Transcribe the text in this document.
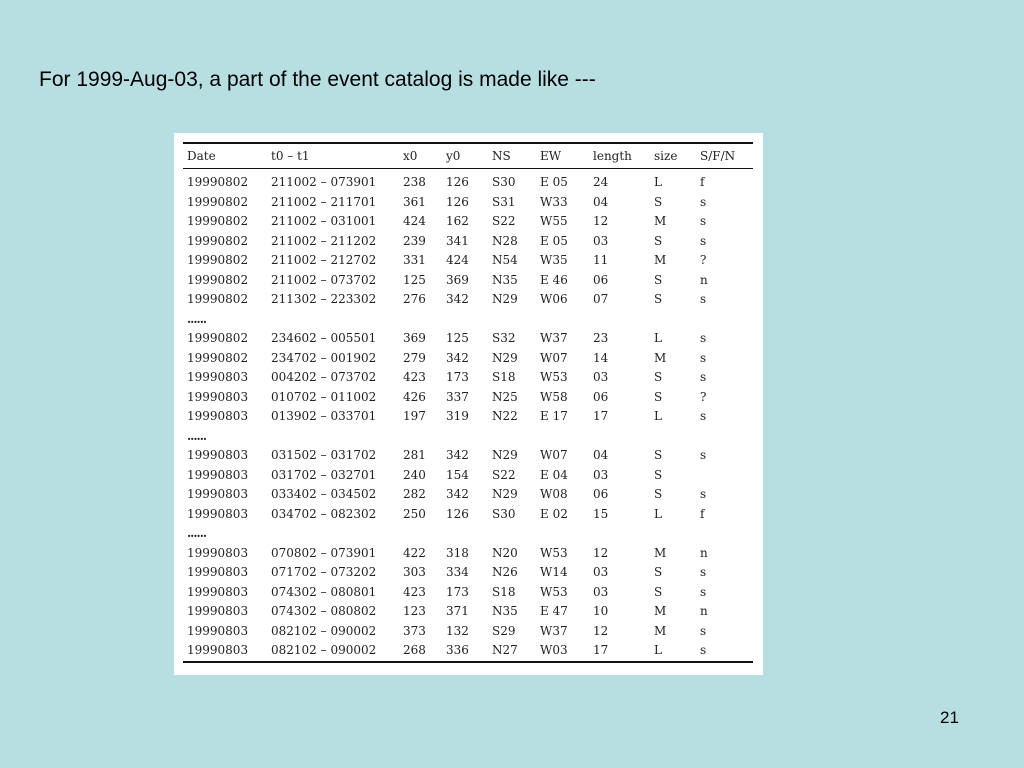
For 1999-Aug-03, a part of the event catalog is made like ---
Date	t0 – t1	x0	y0	NS	EW	length	size	S/F/N
19990802	211002 – 073901	238	126	S30	E 05	24	L	f
19990802	211002 – 211701	361	126	S31	W33	04	S	s
19990802	211002 – 031001	424	162	S22	W55	12	M	s
19990802	211002 – 211202	239	341	N28	E 05	03	S	s
19990802	211002 – 212702	331	424	N54	W35	11	M	?
19990802	211002 – 073702	125	369	N35	E 46	06	S	n
19990802	211302 – 223302	276	342	N29	W06	07	S	s
......								
19990802	234602 – 005501	369	125	S32	W37	23	L	s
19990802	234702 – 001902	279	342	N29	W07	14	M	s
19990803	004202 – 073702	423	173	S18	W53	03	S	s
19990803	010702 – 011002	426	337	N25	W58	06	S	?
19990803	013902 – 033701	197	319	N22	E 17	17	L	s
......								
19990803	031502 – 031702	281	342	N29	W07	04	S	s
19990803	031702 – 032701	240	154	S22	E 04	03	S	
19990803	033402 – 034502	282	342	N29	W08	06	S	s
19990803	034702 – 082302	250	126	S30	E 02	15	L	f
......								
19990803	070802 – 073901	422	318	N20	W53	12	M	n
19990803	071702 – 073202	303	334	N26	W14	03	S	s
19990803	074302 – 080801	423	173	S18	W53	03	S	s
19990803	074302 – 080802	123	371	N35	E 47	10	M	n
19990803	082102 – 090002	373	132	S29	W37	12	M	s
19990803	082102 – 090002	268	336	N27	W03	17	L	s
21
